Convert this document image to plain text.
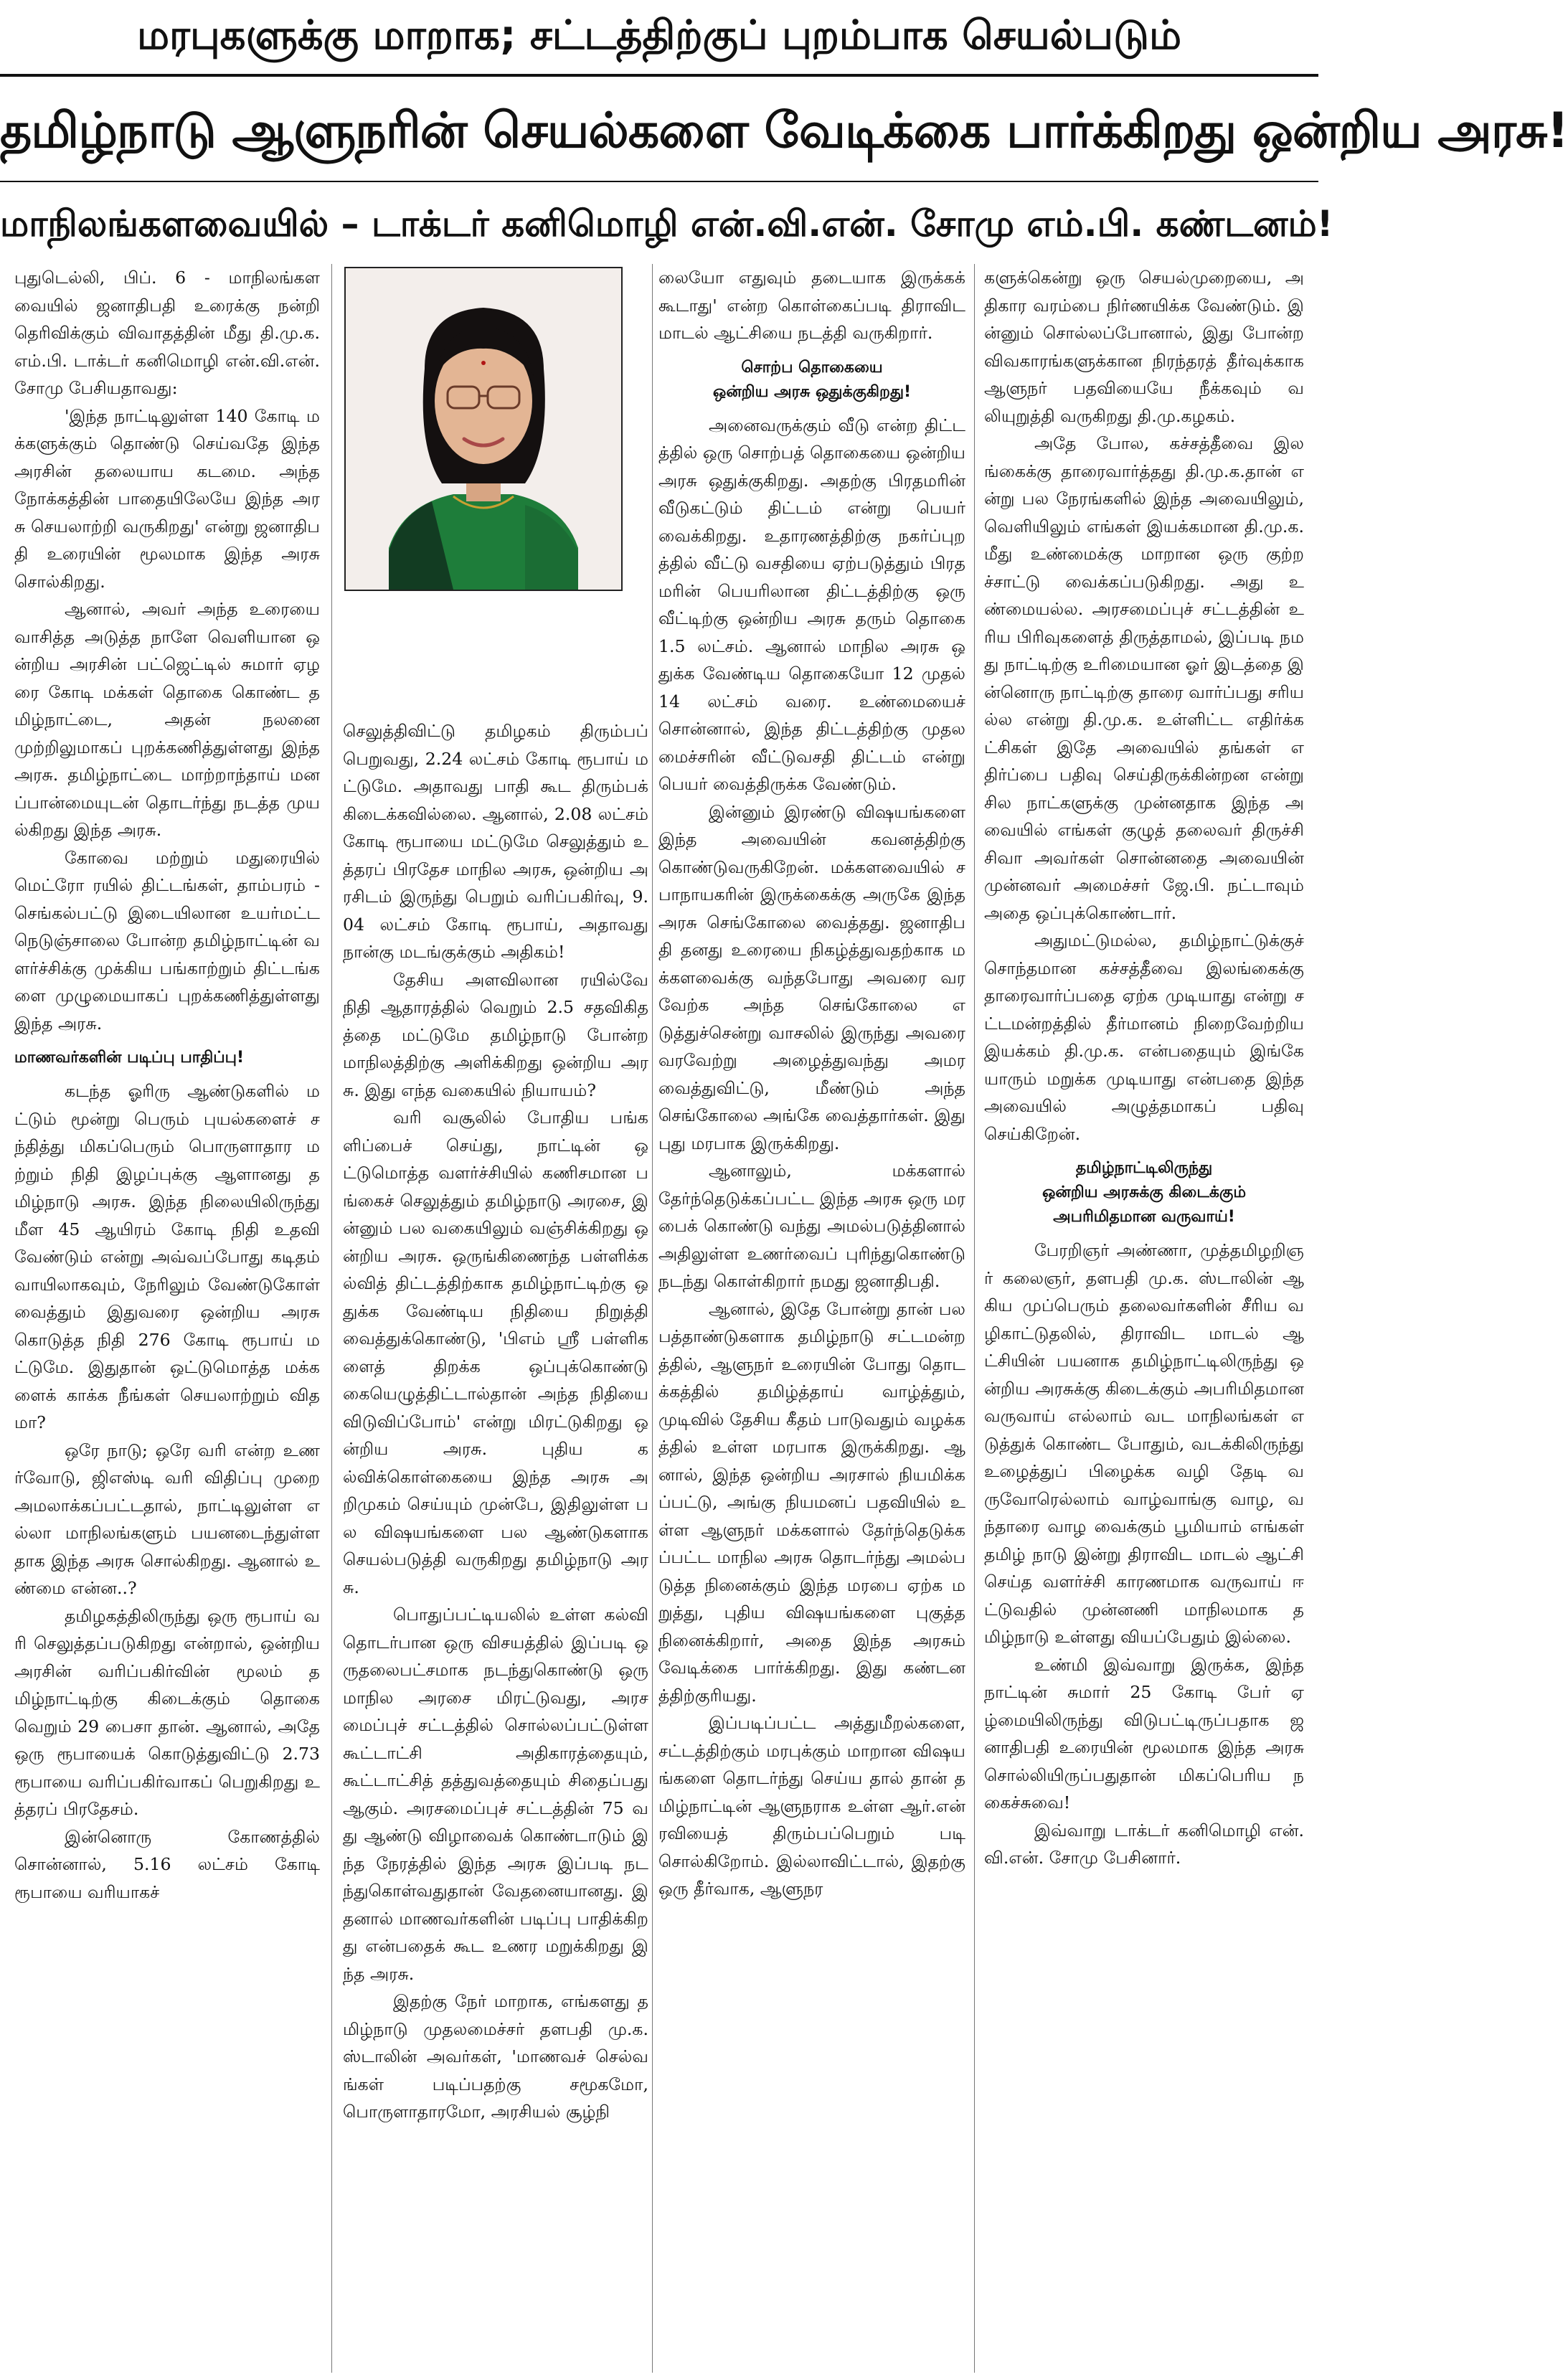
மரபுகளுக்கு மாறாக; சட்டத்திற்குப் புறம்பாக செயல்படும்
தமிழ்நாடு ஆளுநரின் செயல்களை வேடிக்கை பார்க்கிறது ஒன்றிய அரசு!
மாநிலங்களவையில் – டாக்டர் கனிமொழி என்.வி.என். சோமு எம்.பி. கண்டனம்!

புதுடெல்லி, பிப். 6 - மாநிலங்களவையில் ஜனாதிபதி உரைக்கு நன்றி தெரிவிக்கும் விவாதத்தின் மீது தி.மு.க. எம்.பி. டாக்டர் கனிமொழி என்.வி.என். சோமு பேசியதாவது:

'இந்த நாட்டிலுள்ள 140 கோடி மக்களுக்கும் தொண்டு செய்வதே இந்த அரசின் தலையாய கடமை. அந்த நோக்கத்தின் பாதையிலேயே இந்த அரசு செயலாற்றி வருகிறது' என்று ஜனாதிபதி உரையின் மூலமாக இந்த அரசு சொல்கிறது.

ஆனால், அவர் அந்த உரையை வாசித்த அடுத்த நாளே வெளியான ஒன்றிய அரசின் பட்ஜெட்டில் சுமார் ஏழரை கோடி மக்கள் தொகை கொண்ட தமிழ்நாட்டை, அதன் நலனை முற்றிலுமாகப் புறக்கணித்துள்ளது இந்த அரசு. தமிழ்நாட்டை மாற்றாந்தாய் மனப்பான்மையுடன் தொடர்ந்து நடத்த முயல்கிறது இந்த அரசு.

கோவை மற்றும் மதுரையில் மெட்ரோ ரயில் திட்டங்கள், தாம்பரம் - செங்கல்பட்டு இடையிலான உயர்மட்ட நெடுஞ்சாலை போன்ற தமிழ்நாட்டின் வளர்ச்சிக்கு முக்கிய பங்காற்றும் திட்டங்களை முழுமையாகப் புறக்கணித்துள்ளது இந்த அரசு.

மாணவர்களின் படிப்பு பாதிப்பு!

கடந்த ஓரிரு ஆண்டுகளில் மட்டும் மூன்று பெரும் புயல்களைச் சந்தித்து மிகப்பெரும் பொருளாதார மற்றும் நிதி இழப்புக்கு ஆளானது தமிழ்நாடு அரசு. இந்த நிலையிலிருந்து மீள 45 ஆயிரம் கோடி நிதி உதவி வேண்டும் என்று அவ்வப்போது கடிதம் வாயிலாகவும், நேரிலும் வேண்டுகோள் வைத்தும் இதுவரை ஒன்றிய அரசு கொடுத்த நிதி 276 கோடி ரூபாய் மட்டுமே. இதுதான் ஒட்டுமொத்த மக்களைக் காக்க நீங்கள் செயலாற்றும் விதமா?

ஒரே நாடு; ஒரே வரி என்ற உணர்வோடு, ஜிஎஸ்டி வரி விதிப்பு முறை அமலாக்கப்பட்டதால், நாட்டிலுள்ள எல்லா மாநிலங்களும் பயனடைந்துள்ளதாக இந்த அரசு சொல்கிறது. ஆனால் உண்மை என்ன..?

தமிழகத்திலிருந்து ஒரு ரூபாய் வரி செலுத்தப்படுகிறது என்றால், ஒன்றிய அரசின் வரிப்பகிர்வின் மூலம் தமிழ்நாட்டிற்கு கிடைக்கும் தொகை வெறும் 29 பைசா தான். ஆனால், அதே ஒரு ரூபாயைக் கொடுத்துவிட்டு 2.73 ரூபாயை வரிப்பகிர்வாகப் பெறுகிறது உத்தரப் பிரதேசம்.

இன்னொரு கோணத்தில் சொன்னால், 5.16 லட்சம் கோடி ரூபாயை வரியாகச்

செலுத்திவிட்டு தமிழகம் திரும்பப் பெறுவது, 2.24 லட்சம் கோடி ரூபாய் மட்டுமே. அதாவது பாதி கூட திரும்பக் கிடைக்கவில்லை. ஆனால், 2.08 லட்சம் கோடி ரூபாயை மட்டுமே செலுத்தும் உத்தரப் பிரதேச மாநில அரசு, ஒன்றிய அரசிடம் இருந்து பெறும் வரிப்பகிர்வு, 9.04 லட்சம் கோடி ரூபாய், அதாவது நான்கு மடங்குக்கும் அதிகம்!

தேசிய அளவிலான ரயில்வே நிதி ஆதாரத்தில் வெறும் 2.5 சதவிகிதத்தை மட்டுமே தமிழ்நாடு போன்ற மாநிலத்திற்கு அளிக்கிறது ஒன்றிய அரசு. இது எந்த வகையில் நியாயம்?

வரி வசூலில் போதிய பங்களிப்பைச் செய்து, நாட்டின் ஒட்டுமொத்த வளர்ச்சியில் கணிசமான பங்கைச் செலுத்தும் தமிழ்நாடு அரசை, இன்னும் பல வகையிலும் வஞ்சிக்கிறது ஒன்றிய அரசு. ஒருங்கிணைந்த பள்ளிக்கல்வித் திட்டத்திற்காக தமிழ்நாட்டிற்கு ஒதுக்க வேண்டிய நிதியை நிறுத்தி வைத்துக்கொண்டு, 'பிஎம் ஸ்ரீ பள்ளிகளைத் திறக்க ஒப்புக்கொண்டு கையெழுத்திட்டால்தான் அந்த நிதியை விடுவிப்போம்' என்று மிரட்டுகிறது ஒன்றிய அரசு. புதிய கல்விக்கொள்கையை இந்த அரசு அறிமுகம் செய்யும் முன்பே, இதிலுள்ள பல விஷயங்களை பல ஆண்டுகளாக செயல்படுத்தி வருகிறது தமிழ்நாடு அரசு.

பொதுப்பட்டியலில் உள்ள கல்வி தொடர்பான ஒரு விசயத்தில் இப்படி ஒருதலைபட்சமாக நடந்துகொண்டு ஒரு மாநில அரசை மிரட்டுவது, அரசமைப்புச் சட்டத்தில் சொல்லப்பட்டுள்ள கூட்டாட்சி அதிகாரத்தையும், கூட்டாட்சித் தத்துவத்தையும் சிதைப்பது ஆகும். அரசமைப்புச் சட்டத்தின் 75 வது ஆண்டு விழாவைக் கொண்டாடும் இந்த நேரத்தில் இந்த அரசு இப்படி நடந்துகொள்வதுதான் வேதனையானது. இதனால் மாணவர்களின் படிப்பு பாதிக்கிறது என்பதைக் கூட உணர மறுக்கிறது இந்த அரசு.

இதற்கு நேர் மாறாக, எங்களது தமிழ்நாடு முதலமைச்சர் தளபதி மு.க. ஸ்டாலின் அவர்கள், 'மாணவச் செல்வங்கள் படிப்பதற்கு சமூகமோ, பொருளாதாரமோ, அரசியல் சூழ்நி

லையோ எதுவும் தடையாக இருக்கக் கூடாது' என்ற கொள்கைப்படி திராவிட மாடல் ஆட்சியை நடத்தி வருகிறார்.

சொற்ப தொகையை
ஒன்றிய அரசு ஒதுக்குகிறது!

அனைவருக்கும் வீடு என்ற திட்டத்தில் ஒரு சொற்பத் தொகையை ஒன்றிய அரசு ஒதுக்குகிறது. அதற்கு பிரதமரின் வீடுகட்டும் திட்டம் என்று பெயர் வைக்கிறது. உதாரணத்திற்கு நகர்ப்புறத்தில் வீட்டு வசதியை ஏற்படுத்தும் பிரதமரின் பெயரிலான திட்டத்திற்கு ஒரு வீட்டிற்கு ஒன்றிய அரசு தரும் தொகை 1.5 லட்சம். ஆனால் மாநில அரசு ஒதுக்க வேண்டிய தொகையோ 12 முதல் 14 லட்சம் வரை. உண்மையைச் சொன்னால், இந்த திட்டத்திற்கு முதலமைச்சரின் வீட்டுவசதி திட்டம் என்று பெயர் வைத்திருக்க வேண்டும்.

இன்னும் இரண்டு விஷயங்களை இந்த அவையின் கவனத்திற்கு கொண்டுவருகிறேன். மக்களவையில் சபாநாயகரின் இருக்கைக்கு அருகே இந்த அரசு செங்கோலை வைத்தது. ஜனாதிபதி தனது உரையை நிகழ்த்துவதற்காக மக்களவைக்கு வந்தபோது அவரை வரவேற்க அந்த செங்கோலை எடுத்துச்சென்று வாசலில் இருந்து அவரை வரவேற்று அழைத்துவந்து அமர வைத்துவிட்டு, மீண்டும் அந்த செங்கோலை அங்கே வைத்தார்கள். இது புது மரபாக இருக்கிறது.

ஆனாலும், மக்களால் தேர்ந்தெடுக்கப்பட்ட இந்த அரசு ஒரு மரபைக் கொண்டு வந்து அமல்படுத்தினால் அதிலுள்ள உணர்வைப் புரிந்துகொண்டு நடந்து கொள்கிறார் நமது ஜனாதிபதி.

ஆனால், இதே போன்று தான் பல பத்தாண்டுகளாக தமிழ்நாடு சட்டமன்றத்தில், ஆளுநர் உரையின் போது தொடக்கத்தில் தமிழ்த்தாய் வாழ்த்தும், முடிவில் தேசிய கீதம் பாடுவதும் வழக்கத்தில் உள்ள மரபாக இருக்கிறது. ஆனால், இந்த ஒன்றிய அரசால் நியமிக்கப்பட்டு, அங்கு நியமனப் பதவியில் உள்ள ஆளுநர் மக்களால் தேர்ந்தெடுக்கப்பட்ட மாநில அரசு தொடர்ந்து அமல்படுத்த நினைக்கும் இந்த மரபை ஏற்க மறுத்து, புதிய விஷயங்களை புகுத்த நினைக்கிறார், அதை இந்த அரசும் வேடிக்கை பார்க்கிறது. இது கண்டனத்திற்குரியது.

இப்படிப்பட்ட அத்துமீறல்களை, சட்டத்திற்கும் மரபுக்கும் மாறான விஷயங்களை தொடர்ந்து செய்ய தால் தான் தமிழ்நாட்டின் ஆளுநராக உள்ள ஆர்.என் ரவியைத் திரும்பப்பெறும் படி சொல்கிறோம். இல்லாவிட்டால், இதற்கு ஒரு தீர்வாக, ஆளுநர

களுக்கென்று ஒரு செயல்முறையை, அதிகார வரம்பை நிர்ணயிக்க வேண்டும். இன்னும் சொல்லப்போனால், இது போன்ற விவகாரங்களுக்கான நிரந்தரத் தீர்வுக்காக ஆளுநர் பதவியையே நீக்கவும் வலியுறுத்தி வருகிறது தி.மு.கழகம்.

அதே போல, கச்சத்தீவை இலங்கைக்கு தாரைவார்த்தது தி.மு.க.தான் என்று பல நேரங்களில் இந்த அவையிலும், வெளியிலும் எங்கள் இயக்கமான தி.மு.க. மீது உண்மைக்கு மாறான ஒரு குற்றச்சாட்டு வைக்கப்படுகிறது. அது உண்மையல்ல. அரசமைப்புச் சட்டத்தின் உரிய பிரிவுகளைத் திருத்தாமல், இப்படி நமது நாட்டிற்கு உரிமையான ஓர் இடத்தை இன்னொரு நாட்டிற்கு தாரை வார்ப்பது சரியல்ல என்று தி.மு.க. உள்ளிட்ட எதிர்க்கட்சிகள் இதே அவையில் தங்கள் எதிர்ப்பை பதிவு செய்திருக்கின்றன என்று சில நாட்களுக்கு முன்னதாக இந்த அவையில் எங்கள் குழுத் தலைவர் திருச்சி சிவா அவர்கள் சொன்னதை அவையின் முன்னவர் அமைச்சர் ஜே.பி. நட்டாவும் அதை ஒப்புக்கொண்டார்.

அதுமட்டுமல்ல, தமிழ்நாட்டுக்குச் சொந்தமான கச்சத்தீவை இலங்கைக்கு தாரைவார்ப்பதை ஏற்க முடியாது என்று சட்டமன்றத்தில் தீர்மானம் நிறைவேற்றிய இயக்கம் தி.மு.க. என்பதையும் இங்கே யாரும் மறுக்க முடியாது என்பதை இந்த அவையில் அழுத்தமாகப் பதிவு செய்கிறேன்.

தமிழ்நாட்டிலிருந்து
ஒன்றிய அரசுக்கு கிடைக்கும்
அபரிமிதமான வருவாய்!

பேரறிஞர் அண்ணா, முத்தமிழறிஞர் கலைஞர், தளபதி மு.க. ஸ்டாலின் ஆகிய முப்பெரும் தலைவர்களின் சீரிய வழிகாட்டுதலில், திராவிட மாடல் ஆட்சியின் பயனாக தமிழ்நாட்டிலிருந்து ஒன்றிய அரசுக்கு கிடைக்கும் அபரிமிதமான வருவாய் எல்லாம் வட மாநிலங்கள் எடுத்துக் கொண்ட போதும், வடக்கிலிருந்து உழைத்துப் பிழைக்க வழி தேடி வருவோரெல்லாம் வாழ்வாங்கு வாழ, வந்தாரை வாழ வைக்கும் பூமியாம் எங்கள் தமிழ் நாடு இன்று திராவிட மாடல் ஆட்சி செய்த வளர்ச்சி காரணமாக வருவாய் ஈட்டுவதில் முன்னணி மாநிலமாக தமிழ்நாடு உள்ளது வியப்பேதும் இல்லை.

உண்மி இவ்வாறு இருக்க, இந்த நாட்டின் சுமார் 25 கோடி பேர் ஏழ்மையிலிருந்து விடுபட்டிருப்பதாக ஜனாதிபதி உரையின் மூலமாக இந்த அரசு சொல்லியிருப்பதுதான் மிகப்பெரிய நகைச்சுவை!

இவ்வாறு டாக்டர் கனிமொழி என்.வி.என். சோமு பேசினார்.
